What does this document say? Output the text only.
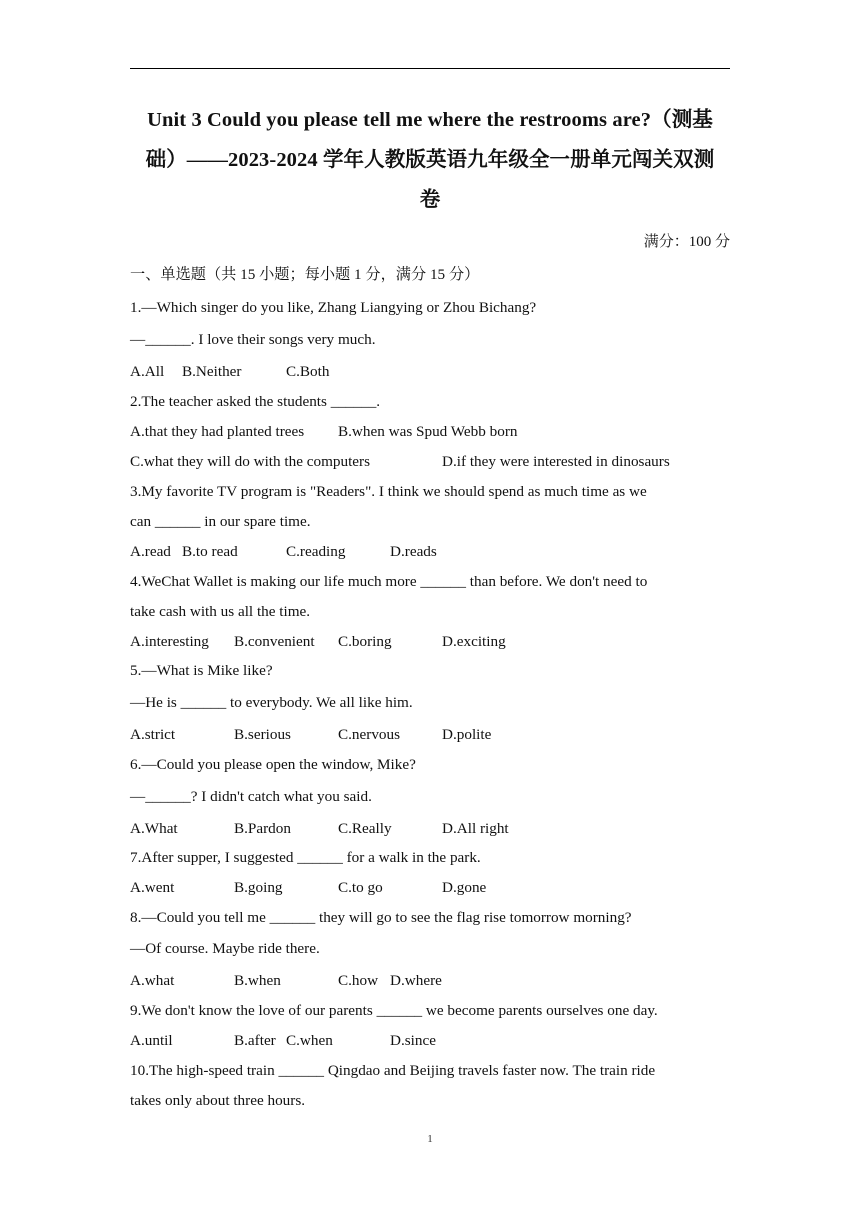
Unit 3 Could you please tell me where the restrooms are?（测基
础）——2023-2024 学年人教版英语九年级全一册单元闯关双测
卷
满分：100 分
一、单选题（共 15 小题；每小题 1 分，满分 15 分）
1.—Which singer do you like, Zhang Liangying or Zhou Bichang?
—______. I love their songs very much.
A.All	B.Neither	C.Both
2.The teacher asked the students ______.
A.that they had planted trees	B.when was Spud Webb born
C.what they will do with the computers	D.if they were interested in dinosaurs
3.My favorite TV program is "Readers". I think we should spend as much time as we
can ______ in our spare time.
A.read B.to read	C.reading	D.reads
4.WeChat Wallet is making our life much more ______ than before. We don't need to
take cash with us all the time.
A.interesting	B.convenient	C.boring	D.exciting
5.—What is Mike like?
—He is ______ to everybody. We all like him.
A.strict	B.serious	C.nervous	D.polite
6.—Could you please open the window, Mike?
—______? I didn't catch what you said.
A.What	B.Pardon	C.Really	D.All right
7.After supper, I suggested ______ for a walk in the park.
A.went	B.going	C.to go	D.gone
8.—Could you tell me ______ they will go to see the flag rise tomorrow morning?
—Of course. Maybe ride there.
A.what	B.when	C.how D.where
9.We don't know the love of our parents ______ we become parents ourselves one day.
A.until	B.after C.when	D.since
10.The high-speed train ______ Qingdao and Beijing travels faster now. The train ride
takes only about three hours.
1
